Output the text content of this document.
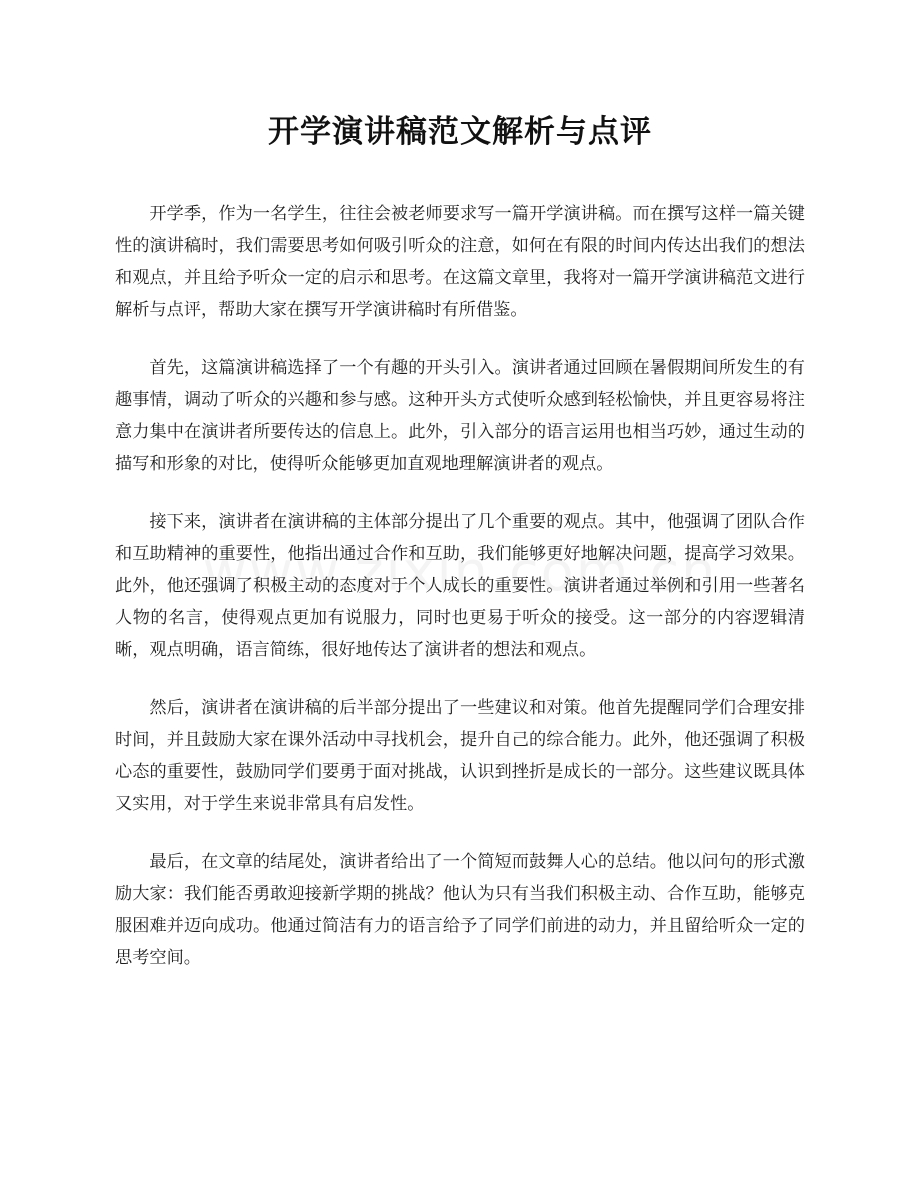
开学演讲稿范文解析与点评

开学季，作为一名学生，往往会被老师要求写一篇开学演讲稿。而在撰写这样一篇关键性的演讲稿时，我们需要思考如何吸引听众的注意，如何在有限的时间内传达出我们的想法和观点，并且给予听众一定的启示和思考。在这篇文章里，我将对一篇开学演讲稿范文进行解析与点评，帮助大家在撰写开学演讲稿时有所借鉴。

首先，这篇演讲稿选择了一个有趣的开头引入。演讲者通过回顾在暑假期间所发生的有趣事情，调动了听众的兴趣和参与感。这种开头方式使听众感到轻松愉快，并且更容易将注意力集中在演讲者所要传达的信息上。此外，引入部分的语言运用也相当巧妙，通过生动的描写和形象的对比，使得听众能够更加直观地理解演讲者的观点。

接下来，演讲者在演讲稿的主体部分提出了几个重要的观点。其中，他强调了团队合作和互助精神的重要性，他指出通过合作和互助，我们能够更好地解决问题，提高学习效果。此外，他还强调了积极主动的态度对于个人成长的重要性。演讲者通过举例和引用一些著名人物的名言，使得观点更加有说服力，同时也更易于听众的接受。这一部分的内容逻辑清晰，观点明确，语言简练，很好地传达了演讲者的想法和观点。

然后，演讲者在演讲稿的后半部分提出了一些建议和对策。他首先提醒同学们合理安排时间，并且鼓励大家在课外活动中寻找机会，提升自己的综合能力。此外，他还强调了积极心态的重要性，鼓励同学们要勇于面对挑战，认识到挫折是成长的一部分。这些建议既具体又实用，对于学生来说非常具有启发性。

最后，在文章的结尾处，演讲者给出了一个简短而鼓舞人心的总结。他以问句的形式激励大家：我们能否勇敢迎接新学期的挑战？他认为只有当我们积极主动、合作互助，能够克服困难并迈向成功。他通过简洁有力的语言给予了同学们前进的动力，并且留给听众一定的思考空间。
